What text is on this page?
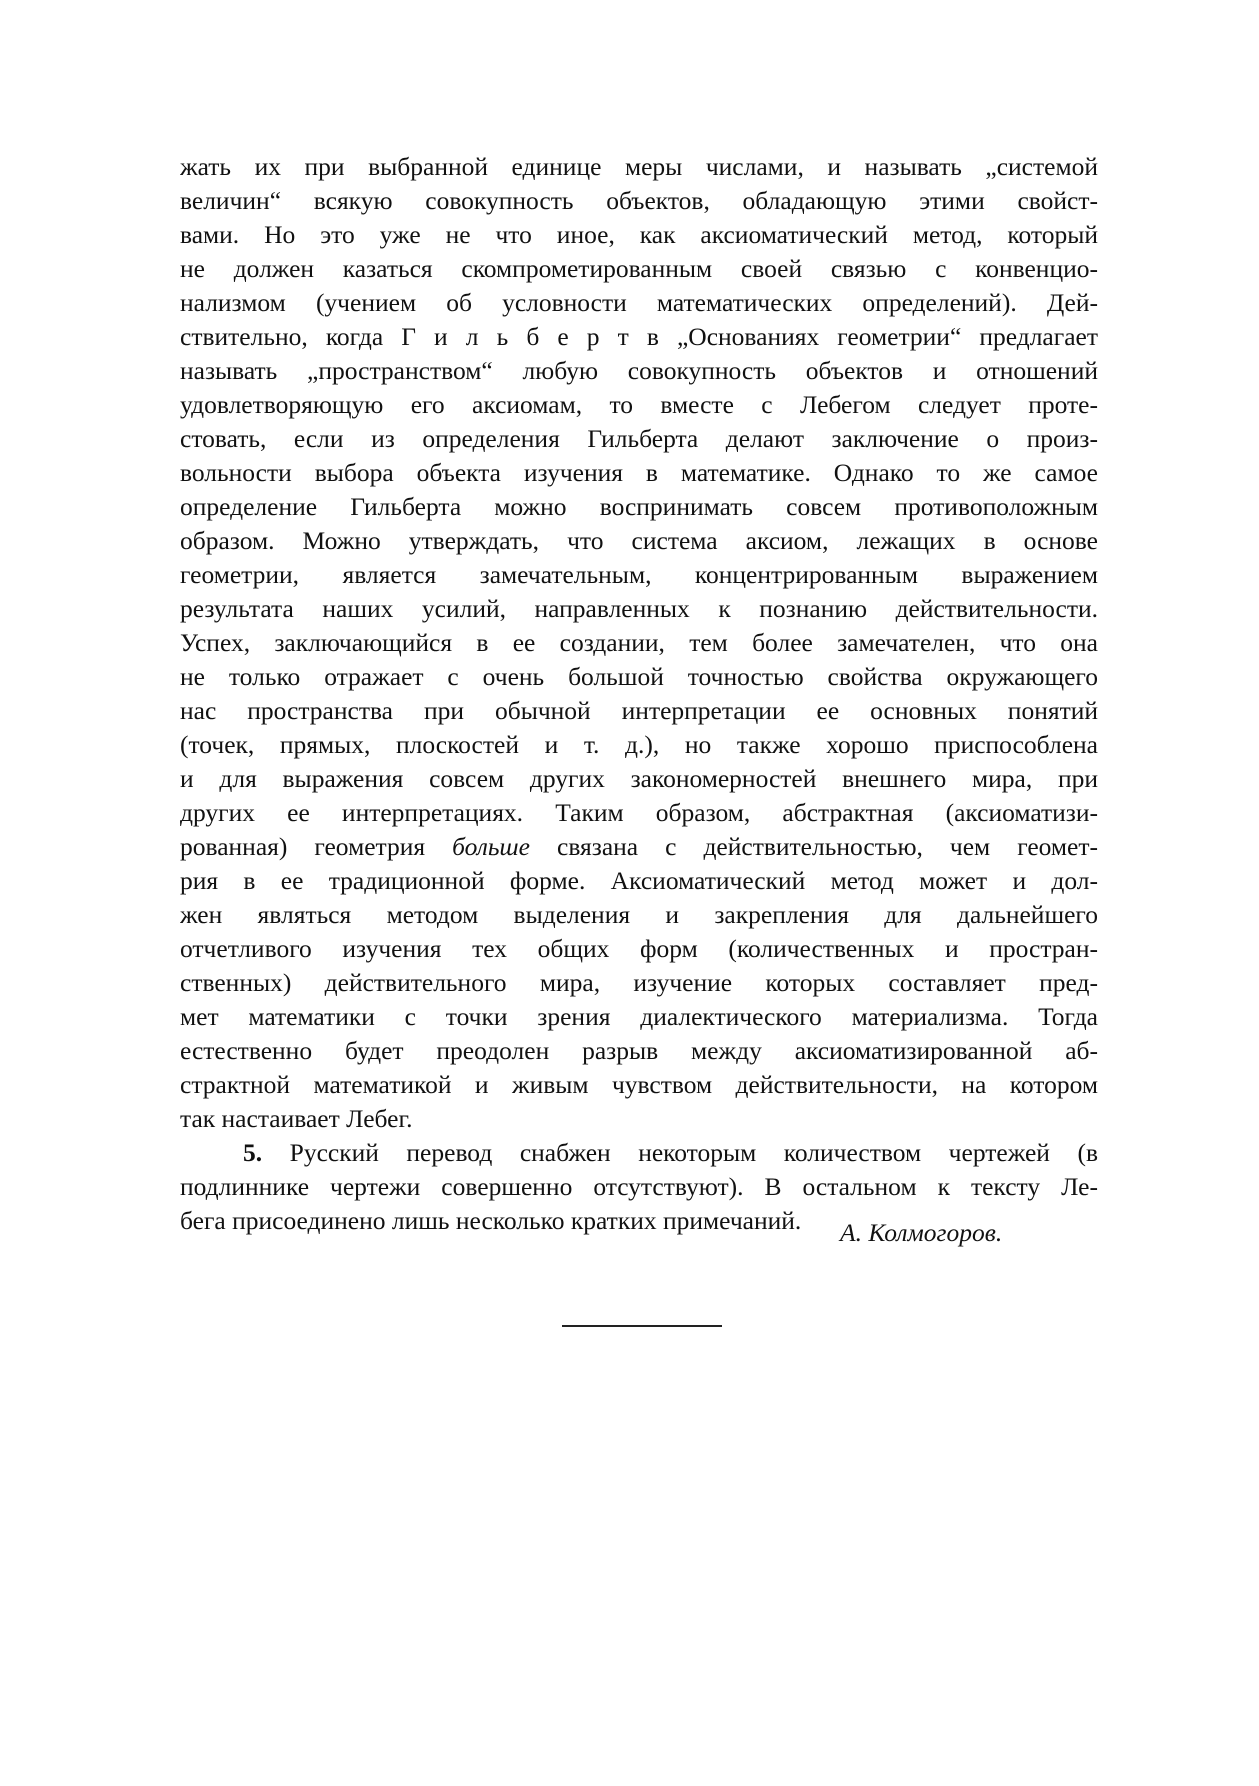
жать их при выбранной единице меры числами, и называть „системой
величин“ всякую совокупность объектов, обладающую этими свойст-
вами. Но это уже не что иное, как аксиоматический метод, который
не должен казаться скомпрометированным своей связью с конвенцио-
нализмом (учением об условности математических определений). Дей-
ствительно, когда Г и л ь б е р т в „Основаниях геометрии“ предлагает
называть „пространством“ любую совокупность объектов и отношений
удовлетворяющую его аксиомам, то вместе с Лебегом следует проте-
стовать, если из определения Гильберта делают заключение о произ-
вольности выбора объекта изучения в математике. Однако то же самое
определение Гильберта можно воспринимать совсем противоположным
образом. Можно утверждать, что система аксиом, лежащих в основе
геометрии, является замечательным, концентрированным выражением
результата наших усилий, направленных к познанию действительности.
Успех, заключающийся в ее создании, тем более замечателен, что она
не только отражает с очень большой точностью свойства окружающего
нас пространства при обычной интерпретации ее основных понятий
(точек, прямых, плоскостей и т. д.), но также хорошо приспособлена
и для выражения совсем других закономерностей внешнего мира, при
других ее интерпретациях. Таким образом, абстрактная (аксиоматизи-
рованная) геометрия больше связана с действительностью, чем геомет-
рия в ее традиционной форме. Аксиоматический метод может и дол-
жен являться методом выделения и закрепления для дальнейшего
отчетливого изучения тех общих форм (количественных и простран-
ственных) действительного мира, изучение которых составляет пред-
мет математики с точки зрения диалектического материализма. Тогда
естественно будет преодолен разрыв между аксиоматизированной аб-
страктной математикой и живым чувством действительности, на котором
так настаивает Лебег.
5. Русский перевод снабжен некоторым количеством чертежей (в
подлиннике чертежи совершенно отсутствуют). В остальном к тексту Ле-
бега присоединено лишь несколько кратких примечаний.	А. Колмогоров.
